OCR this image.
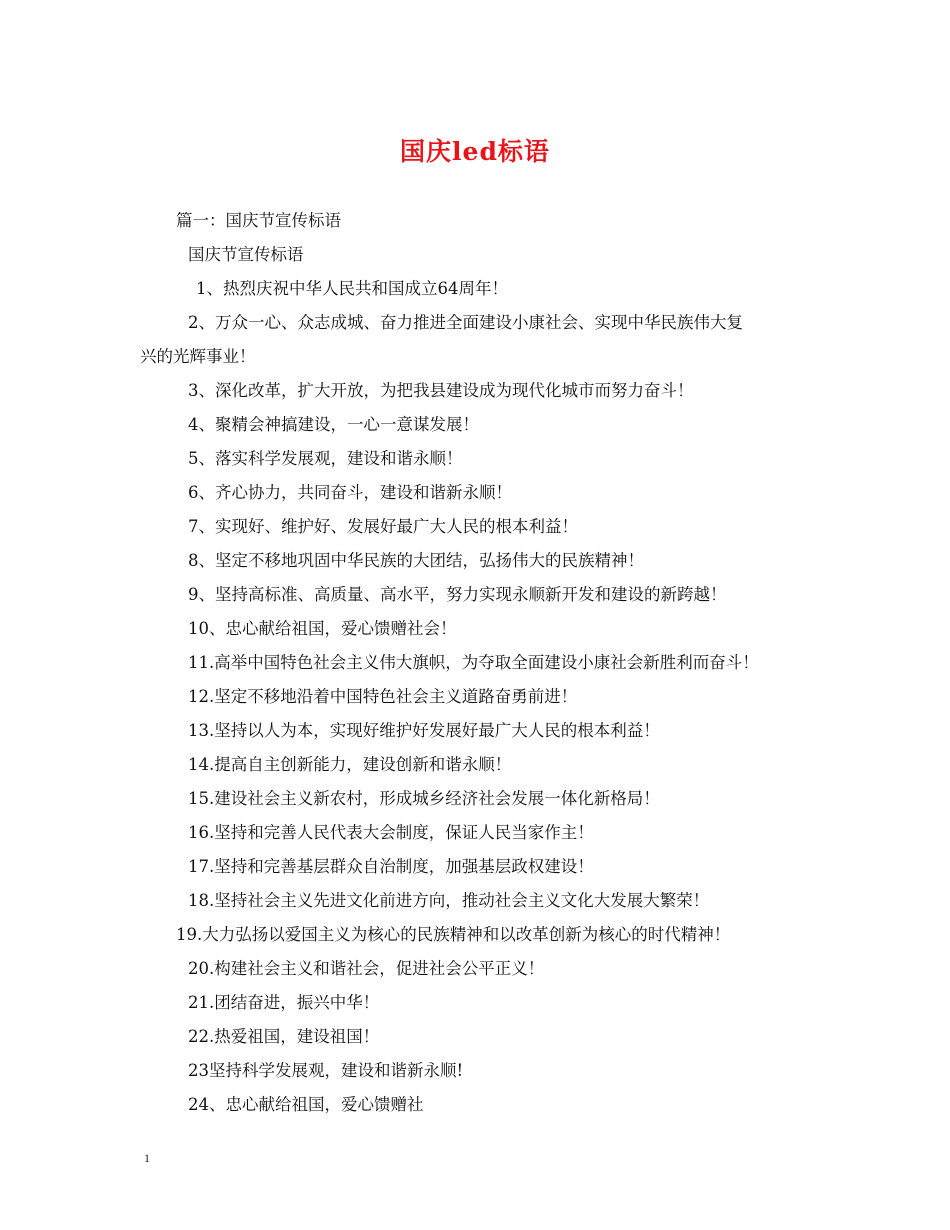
国庆led标语
篇一：国庆节宣传标语
国庆节宣传标语
1、热烈庆祝中华人民共和国成立64周年！
2、万众一心、众志成城、奋力推进全面建设小康社会、实现中华民族伟大复
兴的光辉事业！
3、深化改革，扩大开放，为把我县建设成为现代化城市而努力奋斗！
4、聚精会神搞建设，一心一意谋发展！
5、落实科学发展观，建设和谐永顺！
6、齐心协力，共同奋斗，建设和谐新永顺！
7、实现好、维护好、发展好最广大人民的根本利益！
8、坚定不移地巩固中华民族的大团结，弘扬伟大的民族精神！
9、坚持高标准、高质量、高水平，努力实现永顺新开发和建设的新跨越！
10、忠心献给祖国，爱心馈赠社会！
11.高举中国特色社会主义伟大旗帜，为夺取全面建设小康社会新胜利而奋斗！
12.坚定不移地沿着中国特色社会主义道路奋勇前进！
13.坚持以人为本，实现好维护好发展好最广大人民的根本利益！
14.提高自主创新能力，建设创新和谐永顺！
15.建设社会主义新农村，形成城乡经济社会发展一体化新格局！
16.坚持和完善人民代表大会制度，保证人民当家作主！
17.坚持和完善基层群众自治制度，加强基层政权建设！
18.坚持社会主义先进文化前进方向，推动社会主义文化大发展大繁荣！
19.大力弘扬以爱国主义为核心的民族精神和以改革创新为核心的时代精神！
20.构建社会主义和谐社会，促进社会公平正义！
21.团结奋进，振兴中华！
22.热爱祖国，建设祖国！
23坚持科学发展观，建设和谐新永顺!
24、忠心献给祖国，爱心馈赠社
1
